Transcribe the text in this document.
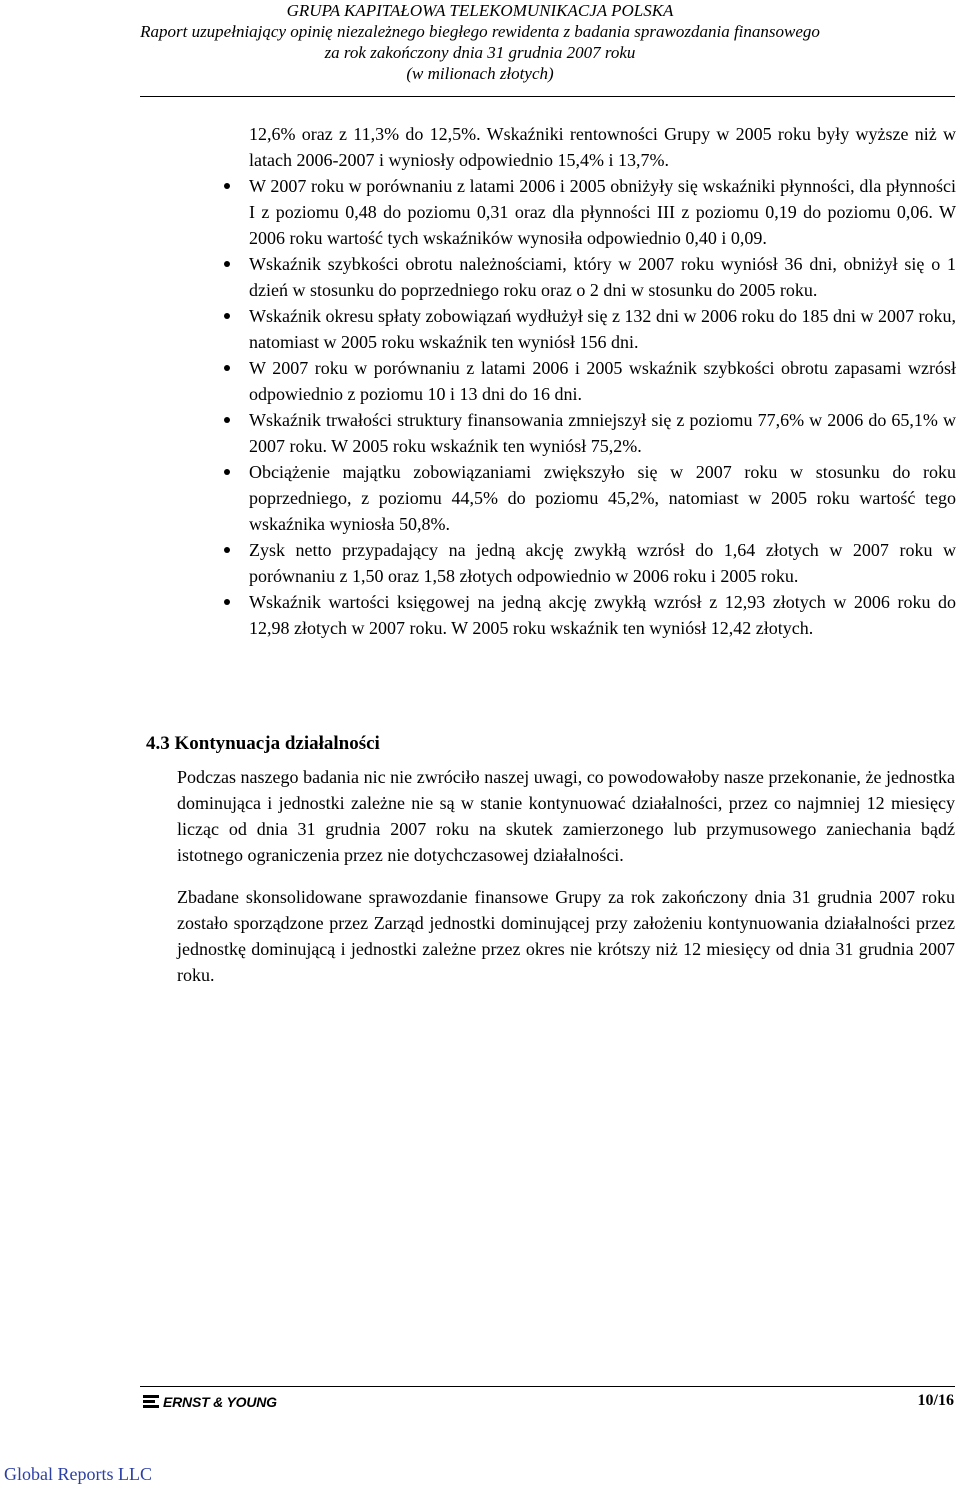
GRUPA KAPITAŁOWA TELEKOMUNIKACJA POLSKA
Raport uzupełniający opinię niezależnego biegłego rewidenta z badania sprawozdania finansowego
za rok zakończony dnia 31 grudnia 2007 roku
(w milionach złotych)

12,6% oraz z 11,3% do 12,5%. Wskaźniki rentowności Grupy w 2005 roku były wyższe niż w latach 2006-2007 i wyniosły odpowiednio 15,4% i 13,7%.

W 2007 roku w porównaniu z latami 2006 i 2005 obniżyły się wskaźniki płynności, dla płynności I z poziomu 0,48 do poziomu 0,31 oraz dla płynności III z poziomu 0,19 do poziomu 0,06. W 2006 roku wartość tych wskaźników wynosiła odpowiednio 0,40 i 0,09.
Wskaźnik szybkości obrotu należnościami, który w 2007 roku wyniósł 36 dni, obniżył się o 1 dzień w stosunku do poprzedniego roku oraz o 2 dni w stosunku do 2005 roku.
Wskaźnik okresu spłaty zobowiązań wydłużył się z 132 dni w 2006 roku do 185 dni w 2007 roku, natomiast w 2005 roku wskaźnik ten wyniósł 156 dni.
W 2007 roku w porównaniu z latami 2006 i 2005 wskaźnik szybkości obrotu zapasami wzrósł odpowiednio z poziomu 10 i 13 dni do 16 dni.
Wskaźnik trwałości struktury finansowania zmniejszył się z poziomu 77,6% w 2006 do 65,1% w 2007 roku. W 2005 roku wskaźnik ten wyniósł 75,2%.
Obciążenie majątku zobowiązaniami zwiększyło się w 2007 roku w stosunku do roku poprzedniego, z poziomu 44,5% do poziomu 45,2%, natomiast w 2005 roku wartość tego wskaźnika wyniosła 50,8%.
Zysk netto przypadający na jedną akcję zwykłą wzrósł do 1,64 złotych w 2007 roku w porównaniu z 1,50 oraz 1,58 złotych odpowiednio w 2006 roku i 2005 roku.
Wskaźnik wartości księgowej na jedną akcję zwykłą wzrósł z 12,93 złotych w 2006 roku do 12,98 złotych w 2007 roku. W 2005 roku wskaźnik ten wyniósł 12,42 złotych.
4.3 Kontynuacja działalności

Podczas naszego badania nic nie zwróciło naszej uwagi, co powodowałoby nasze przekonanie, że jednostka dominująca i jednostki zależne nie są w stanie kontynuować działalności, przez co najmniej 12 miesięcy licząc od dnia 31 grudnia 2007 roku na skutek zamierzonego lub przymusowego zaniechania bądź istotnego ograniczenia przez nie dotychczasowej działalności.

Zbadane skonsolidowane sprawozdanie finansowe Grupy za rok zakończony dnia 31 grudnia 2007 roku zostało sporządzone przez Zarząd jednostki dominującej przy założeniu kontynuowania działalności przez jednostkę dominującą i jednostki zależne przez okres nie krótszy niż 12 miesięcy od dnia 31 grudnia 2007 roku.

ERNST & YOUNG	10/16
Global Reports LLC
